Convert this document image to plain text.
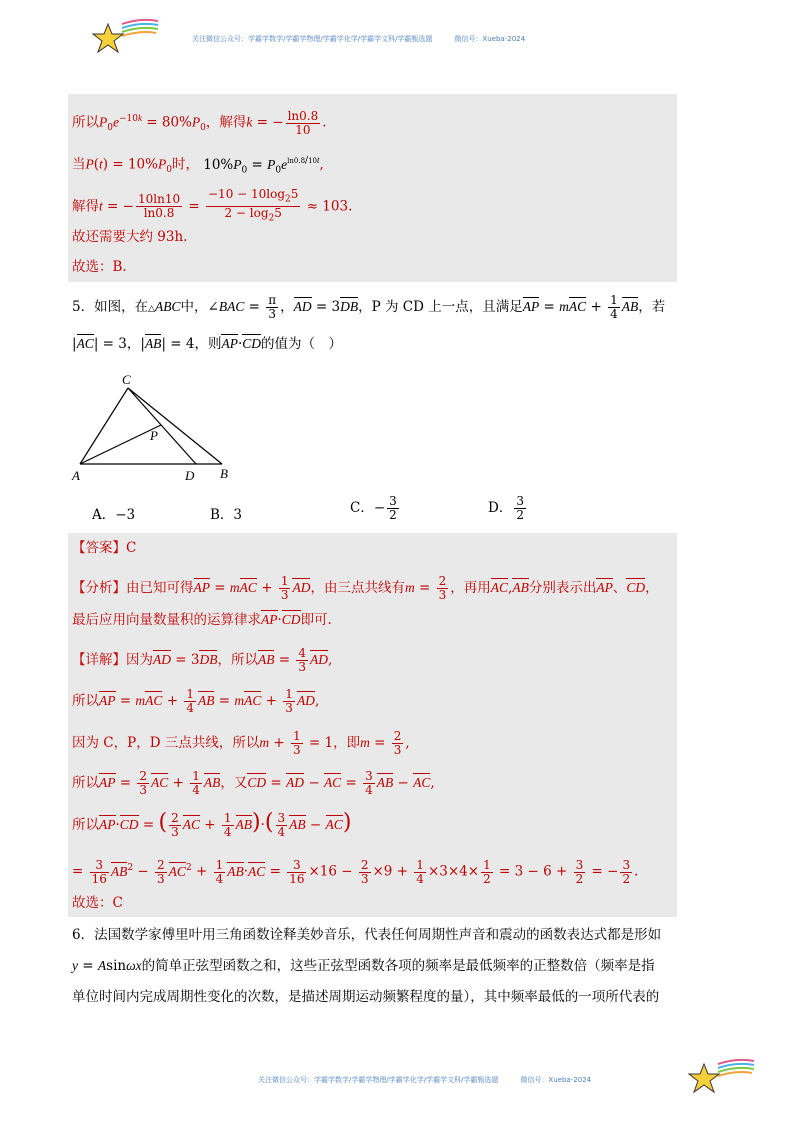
关注微信公众号：学霸学数学/学霸学物理/学霸学化学/学霸学文科/学霸甄选题	微信号：Xueba-2024
所以$P_0e^{-10k} = 80\%P_0$，解得k = − $\frac{\ln 0.8}{10}$ .
当$P(t) = 10\%P_0$时， $10\%P_0 = P_0e^{ln0.8/10t}$,
解得t = − $\frac{10\ln 10}{\ln 0.8} = \frac{-10 - 10\log_25}{2 - \log_25} \approx 103$.
故还需要大约 93h.
故选：B.
5．如图，在△ABC中，∠BAC = $\frac{\pi}{3}$ ，AD = 3DB，P 为 CD 上一点，且满足AP = mAC + $\frac{1}{4}$ AB，若
|AC| = 3，|AB| = 4，则AP·CD的值为（　）
C
P
A	D B
A．−3	B．3	C．− $\frac{3}{2}$	D． $\frac{3}{2}$
【答案】C
【分析】由已知可得AP = mAC + $\frac{1}{3}$ AD，由三点共线有$m = \frac{2}{3}$ ，再用AC,AB分别表示出AP、CD，
最后应用向量数量积的运算律求AP·CD即可.
【详解】因为AD = 3DB，所以AB = $\frac{4}{3}$ AD,
所以AP = mAC + $\frac{1}{4}$ AB = mAC + $\frac{1}{3}$ AD,
因为 C，P，D 三点共线，所以$m + \frac{1}{3} = 1$，即$m = \frac{2}{3}$ ,
所以AP = $\frac{2}{3}$ AC + $\frac{1}{4}$ AB，又CD = AD − AC = $\frac{3}{4}$ AB − AC,
所以AP·CD = ( $\frac{2}{3}$ AC + $\frac{1}{4} AB)\cdot( \frac{3}{4}$ AB − AC)
= $\frac{3}{16} AB^2 - \frac{2}{3} AC^2 + \frac{1}{4} AB\cdot AC = \frac{3}{16} \times 16 - \frac{2}{3} \times 9 + \frac{1}{4} \times 3\times 4\times \frac{1}{2} = 3 - 6 + \frac{3}{2}$ = − $\frac{3}{2}$ .
故选：C
6．法国数学家傅里叶用三角函数诠释美妙音乐，代表任何周期性声音和震动的函数表达式都是形如
y = Asinωx的简单正弦型函数之和，这些正弦型函数各项的频率是最低频率的正整数倍（频率是指
单位时间内完成周期性变化的次数，是描述周期运动频繁程度的量），其中频率最低的一项所代表的
关注微信公众号：学霸学数学/学霸学物理/学霸学化学/学霸学文科/学霸甄选题	微信号：Xueba-2024
